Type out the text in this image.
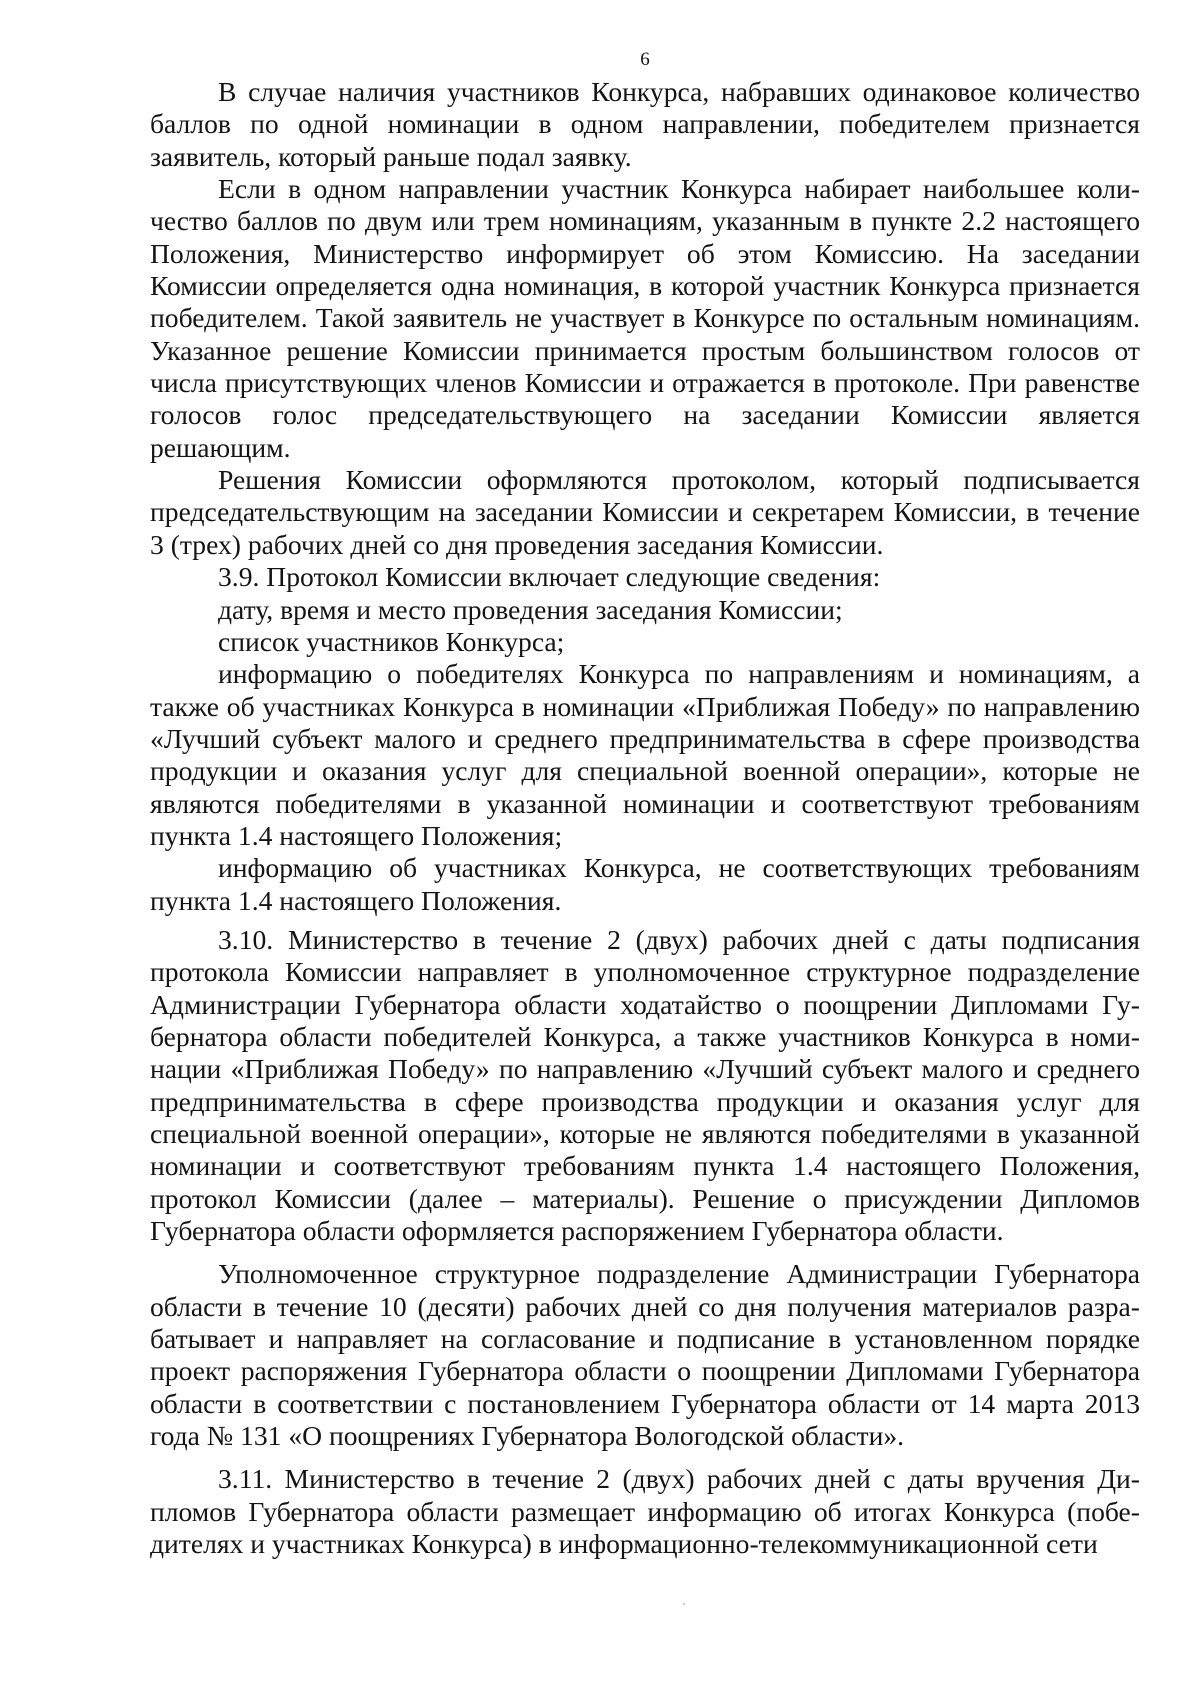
6

В случае наличия участников Конкурса, набравших одинаковое количество баллов по одной номинации в одном направлении, победителем признается заявитель, который раньше подал заявку.

Если в одном направлении участник Конкурса набирает наибольшее количество баллов по двум или трем номинациям, указанным в пункте 2.2 настоящего Положения, Министерство информирует об этом Комиссию. На заседании Комиссии определяется одна номинация, в которой участник Конкурса признается победителем. Такой заявитель не участвует в Конкурсе по остальным номинациям. Указанное решение Комиссии принимается простым большинством голосов от числа присутствующих членов Комиссии и отражается в протоколе. При равенстве голосов голос председательствующего на заседании Комиссии является решающим.

Решения Комиссии оформляются протоколом, который подписывается председательствующим на заседании Комиссии и секретарем Комиссии, в течение 3 (трех) рабочих дней со дня проведения заседания Комиссии.

3.9. Протокол Комиссии включает следующие сведения:

дату, время и место проведения заседания Комиссии;

список участников Конкурса;

информацию о победителях Конкурса по направлениям и номинациям, а также об участниках Конкурса в номинации «Приближая Победу» по направлению «Лучший субъект малого и среднего предпринимательства в сфере производства продукции и оказания услуг для специальной военной операции», которые не являются победителями в указанной номинации и соответствуют требованиям пункта 1.4 настоящего Положения;

информацию об участниках Конкурса, не соответствующих требованиям пункта 1.4 настоящего Положения.

3.10. Министерство в течение 2 (двух) рабочих дней с даты подписания протокола Комиссии направляет в уполномоченное структурное подразделение Администрации Губернатора области ходатайство о поощрении Дипломами Губернатора области победителей Конкурса, а также участников Конкурса в номинации «Приближая Победу» по направлению «Лучший субъект малого и среднего предпринимательства в сфере производства продукции и оказания услуг для специальной военной операции», которые не являются победителями в указанной номинации и соответствуют требованиям пункта 1.4 настоящего Положения, протокол Комиссии (далее – материалы). Решение о присуждении Дипломов Губернатора области оформляется распоряжением Губернатора области.

Уполномоченное структурное подразделение Администрации Губернатора области в течение 10 (десяти) рабочих дней со дня получения материалов разрабатывает и направляет на согласование и подписание в установленном порядке проект распоряжения Губернатора области о поощрении Дипломами Губернатора области в соответствии с постановлением Губернатора области от 14 марта 2013 года № 131 «О поощрениях Губернатора Вологодской области».

3.11. Министерство в течение 2 (двух) рабочих дней с даты вручения Дипломов Губернатора области размещает информацию об итогах Конкурса (победителях и участниках Конкурса) в информационно-телекоммуникационной сети
